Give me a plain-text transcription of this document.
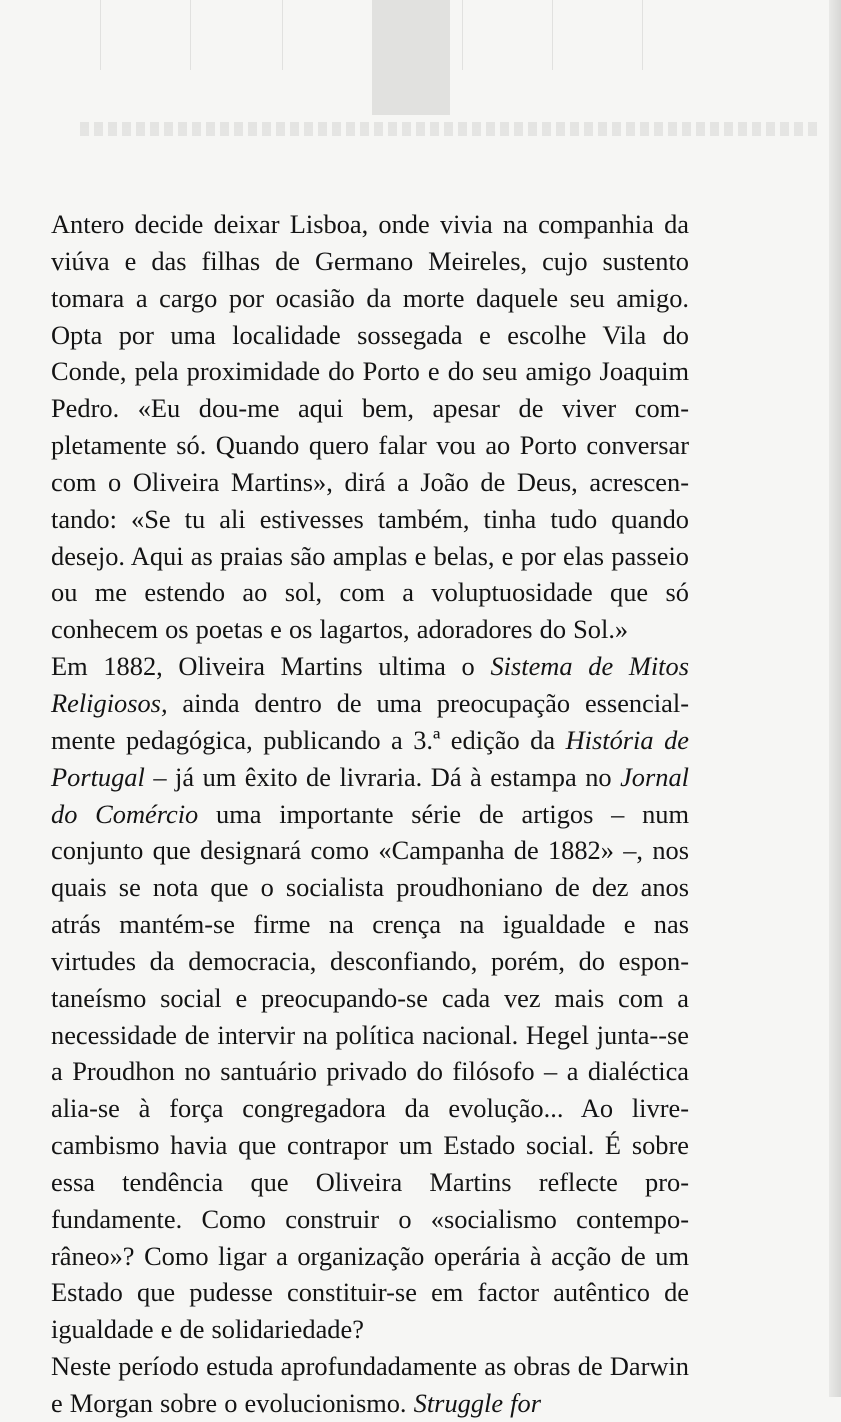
Antero decide deixar Lisboa, onde vivia na companhia da viúva e das filhas de Germano Meireles, cujo sustento tomara a cargo por ocasião da morte daquele seu amigo. Opta por uma localidade sossegada e escolhe Vila do Conde, pela proximidade do Porto e do seu amigo Joaquim Pedro. «Eu dou-me aqui bem, apesar de viver completamente só. Quando quero falar vou ao Porto conversar com o Oliveira Martins», dirá a João de Deus, acrescentando: «Se tu ali estivesses também, tinha tudo quando desejo. Aqui as praias são amplas e belas, e por elas passeio ou me estendo ao sol, com a voluptuosidade que só conhecem os poetas e os lagartos, adoradores do Sol.»

Em 1882, Oliveira Martins ultima o Sistema de Mitos Religiosos, ainda dentro de uma preocupação essencialmente pedagógica, publicando a 3.ª edição da História de Portugal – já um êxito de livraria. Dá à estampa no Jornal do Comércio uma importante série de artigos – num conjunto que designará como «Campanha de 1882» –, nos quais se nota que o socialista proudhoniano de dez anos atrás mantém-se firme na crença na igualdade e nas virtudes da democracia, desconfiando, porém, do espontaneísmo social e preocupando-se cada vez mais com a necessidade de intervir na política nacional. Hegel junta--se a Proudhon no santuário privado do filósofo – a dialéctica alia-se à força congregadora da evolução... Ao livre-cambismo havia que contrapor um Estado social. É sobre essa tendência que Oliveira Martins reflecte profundamente. Como construir o «socialismo contemporâneo»? Como ligar a organização operária à acção de um Estado que pudesse constituir-se em factor autêntico de igualdade e de solidariedade?

Neste período estuda aprofundadamente as obras de Darwin e Morgan sobre o evolucionismo. Struggle for
